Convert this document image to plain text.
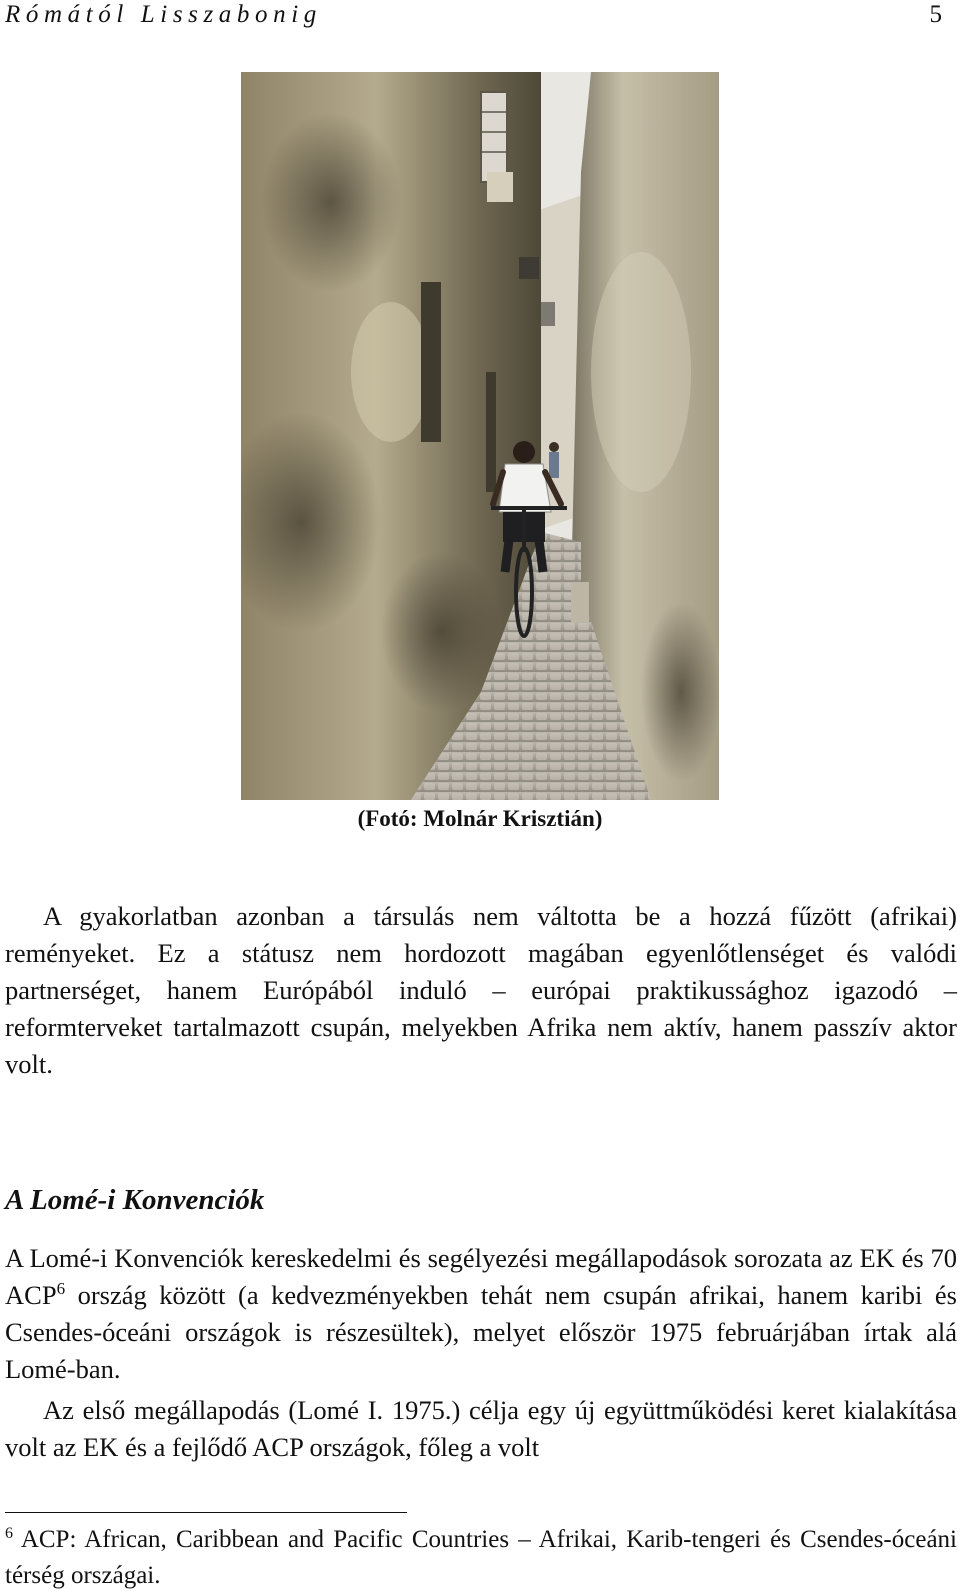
Rómától Lisszabonig	5
(Fotó: Molnár Krisztián)

A gyakorlatban azonban a társulás nem váltotta be a hozzá fűzött (afrikai) reményeket. Ez a státusz nem hordozott magában egyenlőtlenséget és valódi partnerséget, hanem Európából induló – európai praktikussághoz igazodó – reformterveket tartalmazott csupán, melyekben Afrika nem aktív, hanem passzív aktor volt.

A Lomé-i Konvenciók

A Lomé-i Konvenciók kereskedelmi és segélyezési megállapodások sorozata az EK és 70 ACP$^6$ ország között (a kedvezményekben tehát nem csupán afrikai, hanem karibi és Csendes-óceáni országok is részesültek), melyet először 1975 februárjában írtak alá Lomé-ban.

Az első megállapodás (Lomé I. 1975.) célja egy új együttműködési keret kialakítása volt az EK és a fejlődő ACP országok, főleg a volt

$^6$ ACP: African, Caribbean and Pacific Countries – Afrikai, Karib-tengeri és Csendes-óceáni térség országai.
